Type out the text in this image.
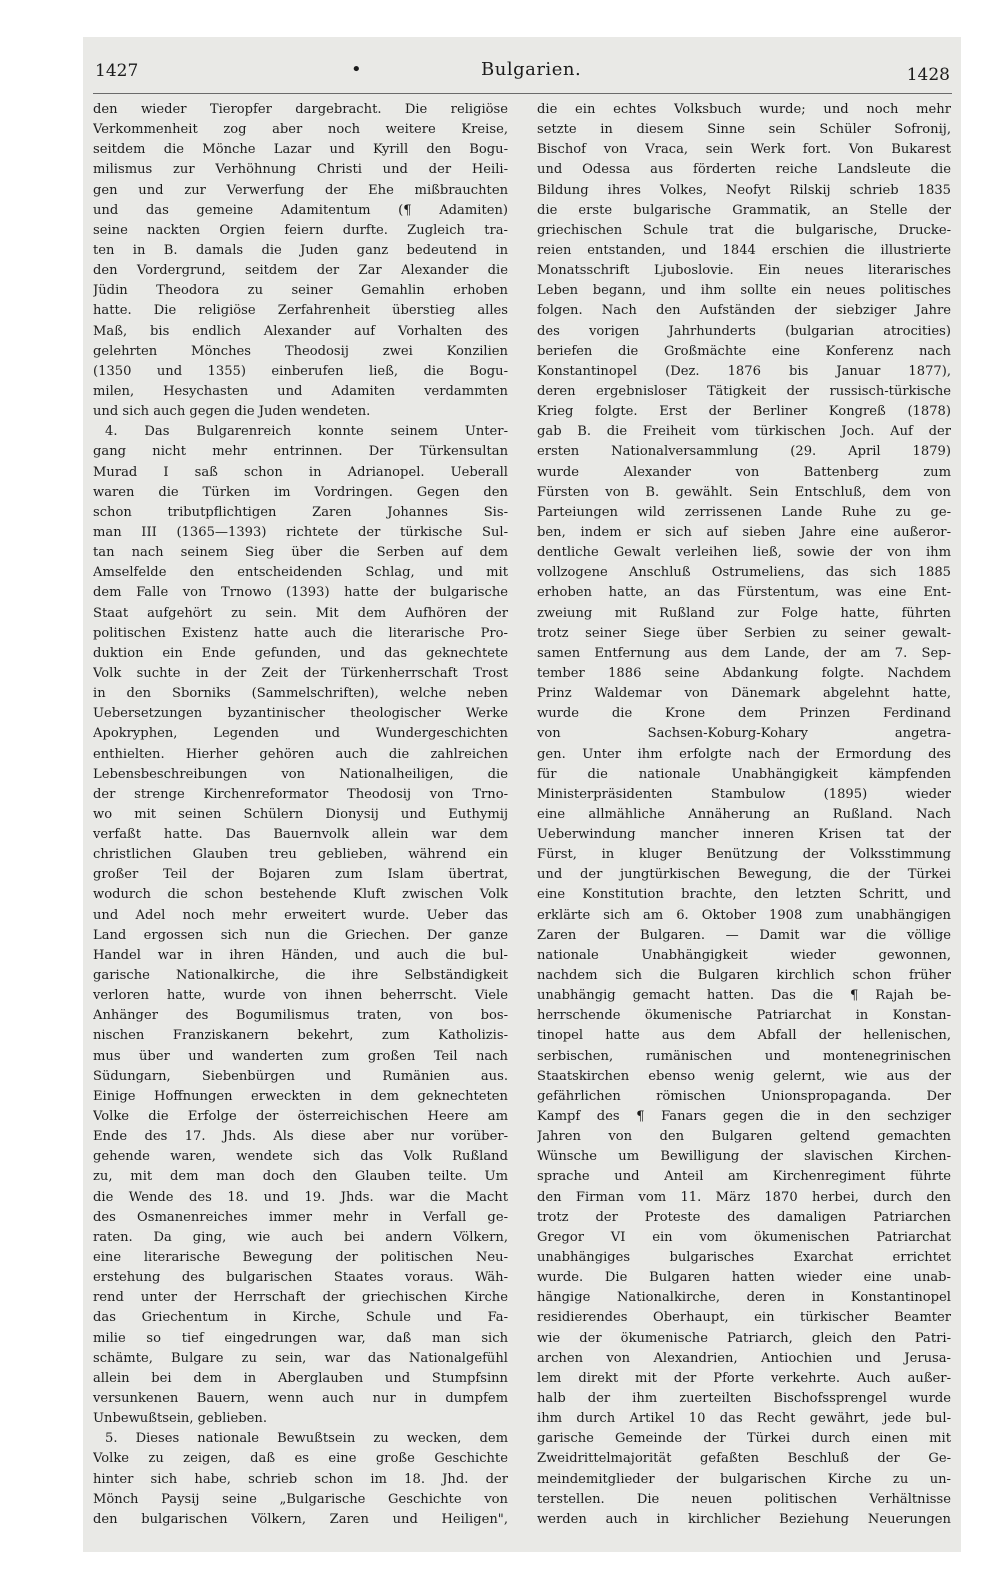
1427	•	Bulgarien.	1428
den wieder Tieropfer dargebracht. Die religiöse
Verkommenheit zog aber noch weitere Kreise,
seitdem die Mönche Lazar und Kyrill den Bogu-
milismus zur Verhöhnung Christi und der Heili-
gen und zur Verwerfung der Ehe mißbrauchten
und das gemeine Adamitentum (¶ Adamiten)
seine nackten Orgien feiern durfte. Zugleich tra-
ten in B. damals die Juden ganz bedeutend in
den Vordergrund, seitdem der Zar Alexander die
Jüdin Theodora zu seiner Gemahlin erhoben
hatte. Die religiöse Zerfahrenheit überstieg alles
Maß, bis endlich Alexander auf Vorhalten des
gelehrten Mönches Theodosij zwei Konzilien
(1350 und 1355) einberufen ließ, die Bogu-
milen, Hesychasten und Adamiten verdammten
und sich auch gegen die Juden wendeten.
4. Das Bulgarenreich konnte seinem Unter-
gang nicht mehr entrinnen. Der Türkensultan
Murad I saß schon in Adrianopel. Ueberall
waren die Türken im Vordringen. Gegen den
schon tributpflichtigen Zaren Johannes Sis-
man III (1365—1393) richtete der türkische Sul-
tan nach seinem Sieg über die Serben auf dem
Amselfelde den entscheidenden Schlag, und mit
dem Falle von Trnowo (1393) hatte der bulgarische
Staat aufgehört zu sein. Mit dem Aufhören der
politischen Existenz hatte auch die literarische Pro-
duktion ein Ende gefunden, und das geknechtete
Volk suchte in der Zeit der Türkenherrschaft Trost
in den Sborniks (Sammelschriften), welche neben
Uebersetzungen byzantinischer theologischer Werke
Apokryphen, Legenden und Wundergeschichten
enthielten. Hierher gehören auch die zahlreichen
Lebensbeschreibungen von Nationalheiligen, die
der strenge Kirchenreformator Theodosij von Trno-
wo mit seinen Schülern Dionysij und Euthymij
verfaßt hatte. Das Bauernvolk allein war dem
christlichen Glauben treu geblieben, während ein
großer Teil der Bojaren zum Islam übertrat,
wodurch die schon bestehende Kluft zwischen Volk
und Adel noch mehr erweitert wurde. Ueber das
Land ergossen sich nun die Griechen. Der ganze
Handel war in ihren Händen, und auch die bul-
garische Nationalkirche, die ihre Selbständigkeit
verloren hatte, wurde von ihnen beherrscht. Viele
Anhänger des Bogumilismus traten, von bos-
nischen Franziskanern bekehrt, zum Katholizis-
mus über und wanderten zum großen Teil nach
Südungarn, Siebenbürgen und Rumänien aus.
Einige Hoffnungen erweckten in dem geknechteten
Volke die Erfolge der österreichischen Heere am
Ende des 17. Jhds. Als diese aber nur vorüber-
gehende waren, wendete sich das Volk Rußland
zu, mit dem man doch den Glauben teilte. Um
die Wende des 18. und 19. Jhds. war die Macht
des Osmanenreiches immer mehr in Verfall ge-
raten. Da ging, wie auch bei andern Völkern,
eine literarische Bewegung der politischen Neu-
erstehung des bulgarischen Staates voraus. Wäh-
rend unter der Herrschaft der griechischen Kirche
das Griechentum in Kirche, Schule und Fa-
milie so tief eingedrungen war, daß man sich
schämte, Bulgare zu sein, war das Nationalgefühl
allein bei dem in Aberglauben und Stumpfsinn
versunkenen Bauern, wenn auch nur in dumpfem
Unbewußtsein, geblieben.
5. Dieses nationale Bewußtsein zu wecken, dem
Volke zu zeigen, daß es eine große Geschichte
hinter sich habe, schrieb schon im 18. Jhd. der
Mönch Paysij seine „Bulgarische Geschichte von
den bulgarischen Völkern, Zaren und Heiligen",
die ein echtes Volksbuch wurde; und noch mehr
setzte in diesem Sinne sein Schüler Sofronij,
Bischof von Vraca, sein Werk fort. Von Bukarest
und Odessa aus förderten reiche Landsleute die
Bildung ihres Volkes, Neofyt Rilskij schrieb 1835
die erste bulgarische Grammatik, an Stelle der
griechischen Schule trat die bulgarische, Drucke-
reien entstanden, und 1844 erschien die illustrierte
Monatsschrift Ljuboslovie. Ein neues literarisches
Leben begann, und ihm sollte ein neues politisches
folgen. Nach den Aufständen der siebziger Jahre
des vorigen Jahrhunderts (bulgarian atrocities)
beriefen die Großmächte eine Konferenz nach
Konstantinopel (Dez. 1876 bis Januar 1877),
deren ergebnisloser Tätigkeit der russisch-türkische
Krieg folgte. Erst der Berliner Kongreß (1878)
gab B. die Freiheit vom türkischen Joch. Auf der
ersten Nationalversammlung (29. April 1879)
wurde Alexander von Battenberg zum
Fürsten von B. gewählt. Sein Entschluß, dem von
Parteiungen wild zerrissenen Lande Ruhe zu ge-
ben, indem er sich auf sieben Jahre eine außeror-
dentliche Gewalt verleihen ließ, sowie der von ihm
vollzogene Anschluß Ostrumeliens, das sich 1885
erhoben hatte, an das Fürstentum, was eine Ent-
zweiung mit Rußland zur Folge hatte, führten
trotz seiner Siege über Serbien zu seiner gewalt-
samen Entfernung aus dem Lande, der am 7. Sep-
tember 1886 seine Abdankung folgte. Nachdem
Prinz Waldemar von Dänemark abgelehnt hatte,
wurde die Krone dem Prinzen Ferdinand
von Sachsen-Koburg-Kohary angetra-
gen. Unter ihm erfolgte nach der Ermordung des
für die nationale Unabhängigkeit kämpfenden
Ministerpräsidenten Stambulow (1895) wieder
eine allmähliche Annäherung an Rußland. Nach
Ueberwindung mancher inneren Krisen tat der
Fürst, in kluger Benützung der Volksstimmung
und der jungtürkischen Bewegung, die der Türkei
eine Konstitution brachte, den letzten Schritt, und
erklärte sich am 6. Oktober 1908 zum unabhängigen
Zaren der Bulgaren. — Damit war die völlige
nationale Unabhängigkeit wieder gewonnen,
nachdem sich die Bulgaren kirchlich schon früher
unabhängig gemacht hatten. Das die ¶ Rajah be-
herrschende ökumenische Patriarchat in Konstan-
tinopel hatte aus dem Abfall der hellenischen,
serbischen, rumänischen und montenegrinischen
Staatskirchen ebenso wenig gelernt, wie aus der
gefährlichen römischen Unionspropaganda. Der
Kampf des ¶ Fanars gegen die in den sechziger
Jahren von den Bulgaren geltend gemachten
Wünsche um Bewilligung der slavischen Kirchen-
sprache und Anteil am Kirchenregiment führte
den Firman vom 11. März 1870 herbei, durch den
trotz der Proteste des damaligen Patriarchen
Gregor VI ein vom ökumenischen Patriarchat
unabhängiges bulgarisches Exarchat errichtet
wurde. Die Bulgaren hatten wieder eine unab-
hängige Nationalkirche, deren in Konstantinopel
residierendes Oberhaupt, ein türkischer Beamter
wie der ökumenische Patriarch, gleich den Patri-
archen von Alexandrien, Antiochien und Jerusa-
lem direkt mit der Pforte verkehrte. Auch außer-
halb der ihm zuerteilten Bischofssprengel wurde
ihm durch Artikel 10 das Recht gewährt, jede bul-
garische Gemeinde der Türkei durch einen mit
Zweidrittelmajorität gefaßten Beschluß der Ge-
meindemitglieder der bulgarischen Kirche zu un-
terstellen. Die neuen politischen Verhältnisse
werden auch in kirchlicher Beziehung Neuerungen
